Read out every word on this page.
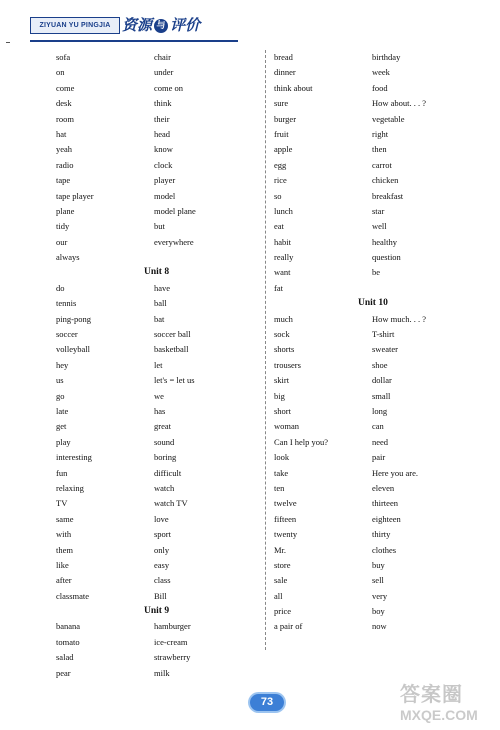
ZIYUAN YU PINGJIA 资源 与 评价
sofa	chair
on	under
come	come on
desk	think
room	their
hat	head
yeah	know
radio	clock
tape	player
tape player	model
plane	model plane
tidy	but
our	everywhere
always
Unit 8
do	have
tennis	ball
ping-pong	bat
soccer	soccer ball
volleyball	basketball
hey	let
us	let's = let us
go	we
late	has
get	great
play	sound
interesting	boring
fun	difficult
relaxing	watch
TV	watch TV
same	love
with	sport
them	only
like	easy
after	class
classmate	Bill
Unit 9
banana	hamburger
tomato	ice-cream
salad	strawberry
pear	milk
bread	birthday
dinner	week
think about	food
sure	How about. . . ?
burger	vegetable
fruit	right
apple	then
egg	carrot
rice	chicken
so	breakfast
lunch	star
eat	well
habit	healthy
really	question
want	be
fat
Unit 10
much	How much. . . ?
sock	T-shirt
shorts	sweater
trousers	shoe
skirt	dollar
big	small
short	long
woman	can
Can I help you?	need
look	pair
take	Here you are.
ten	eleven
twelve	thirteen
fifteen	eighteen
twenty	thirty
Mr.	clothes
store	buy
sale	sell
all	very
price	boy
a pair of	now
73	答案圈
MXQE.COM
